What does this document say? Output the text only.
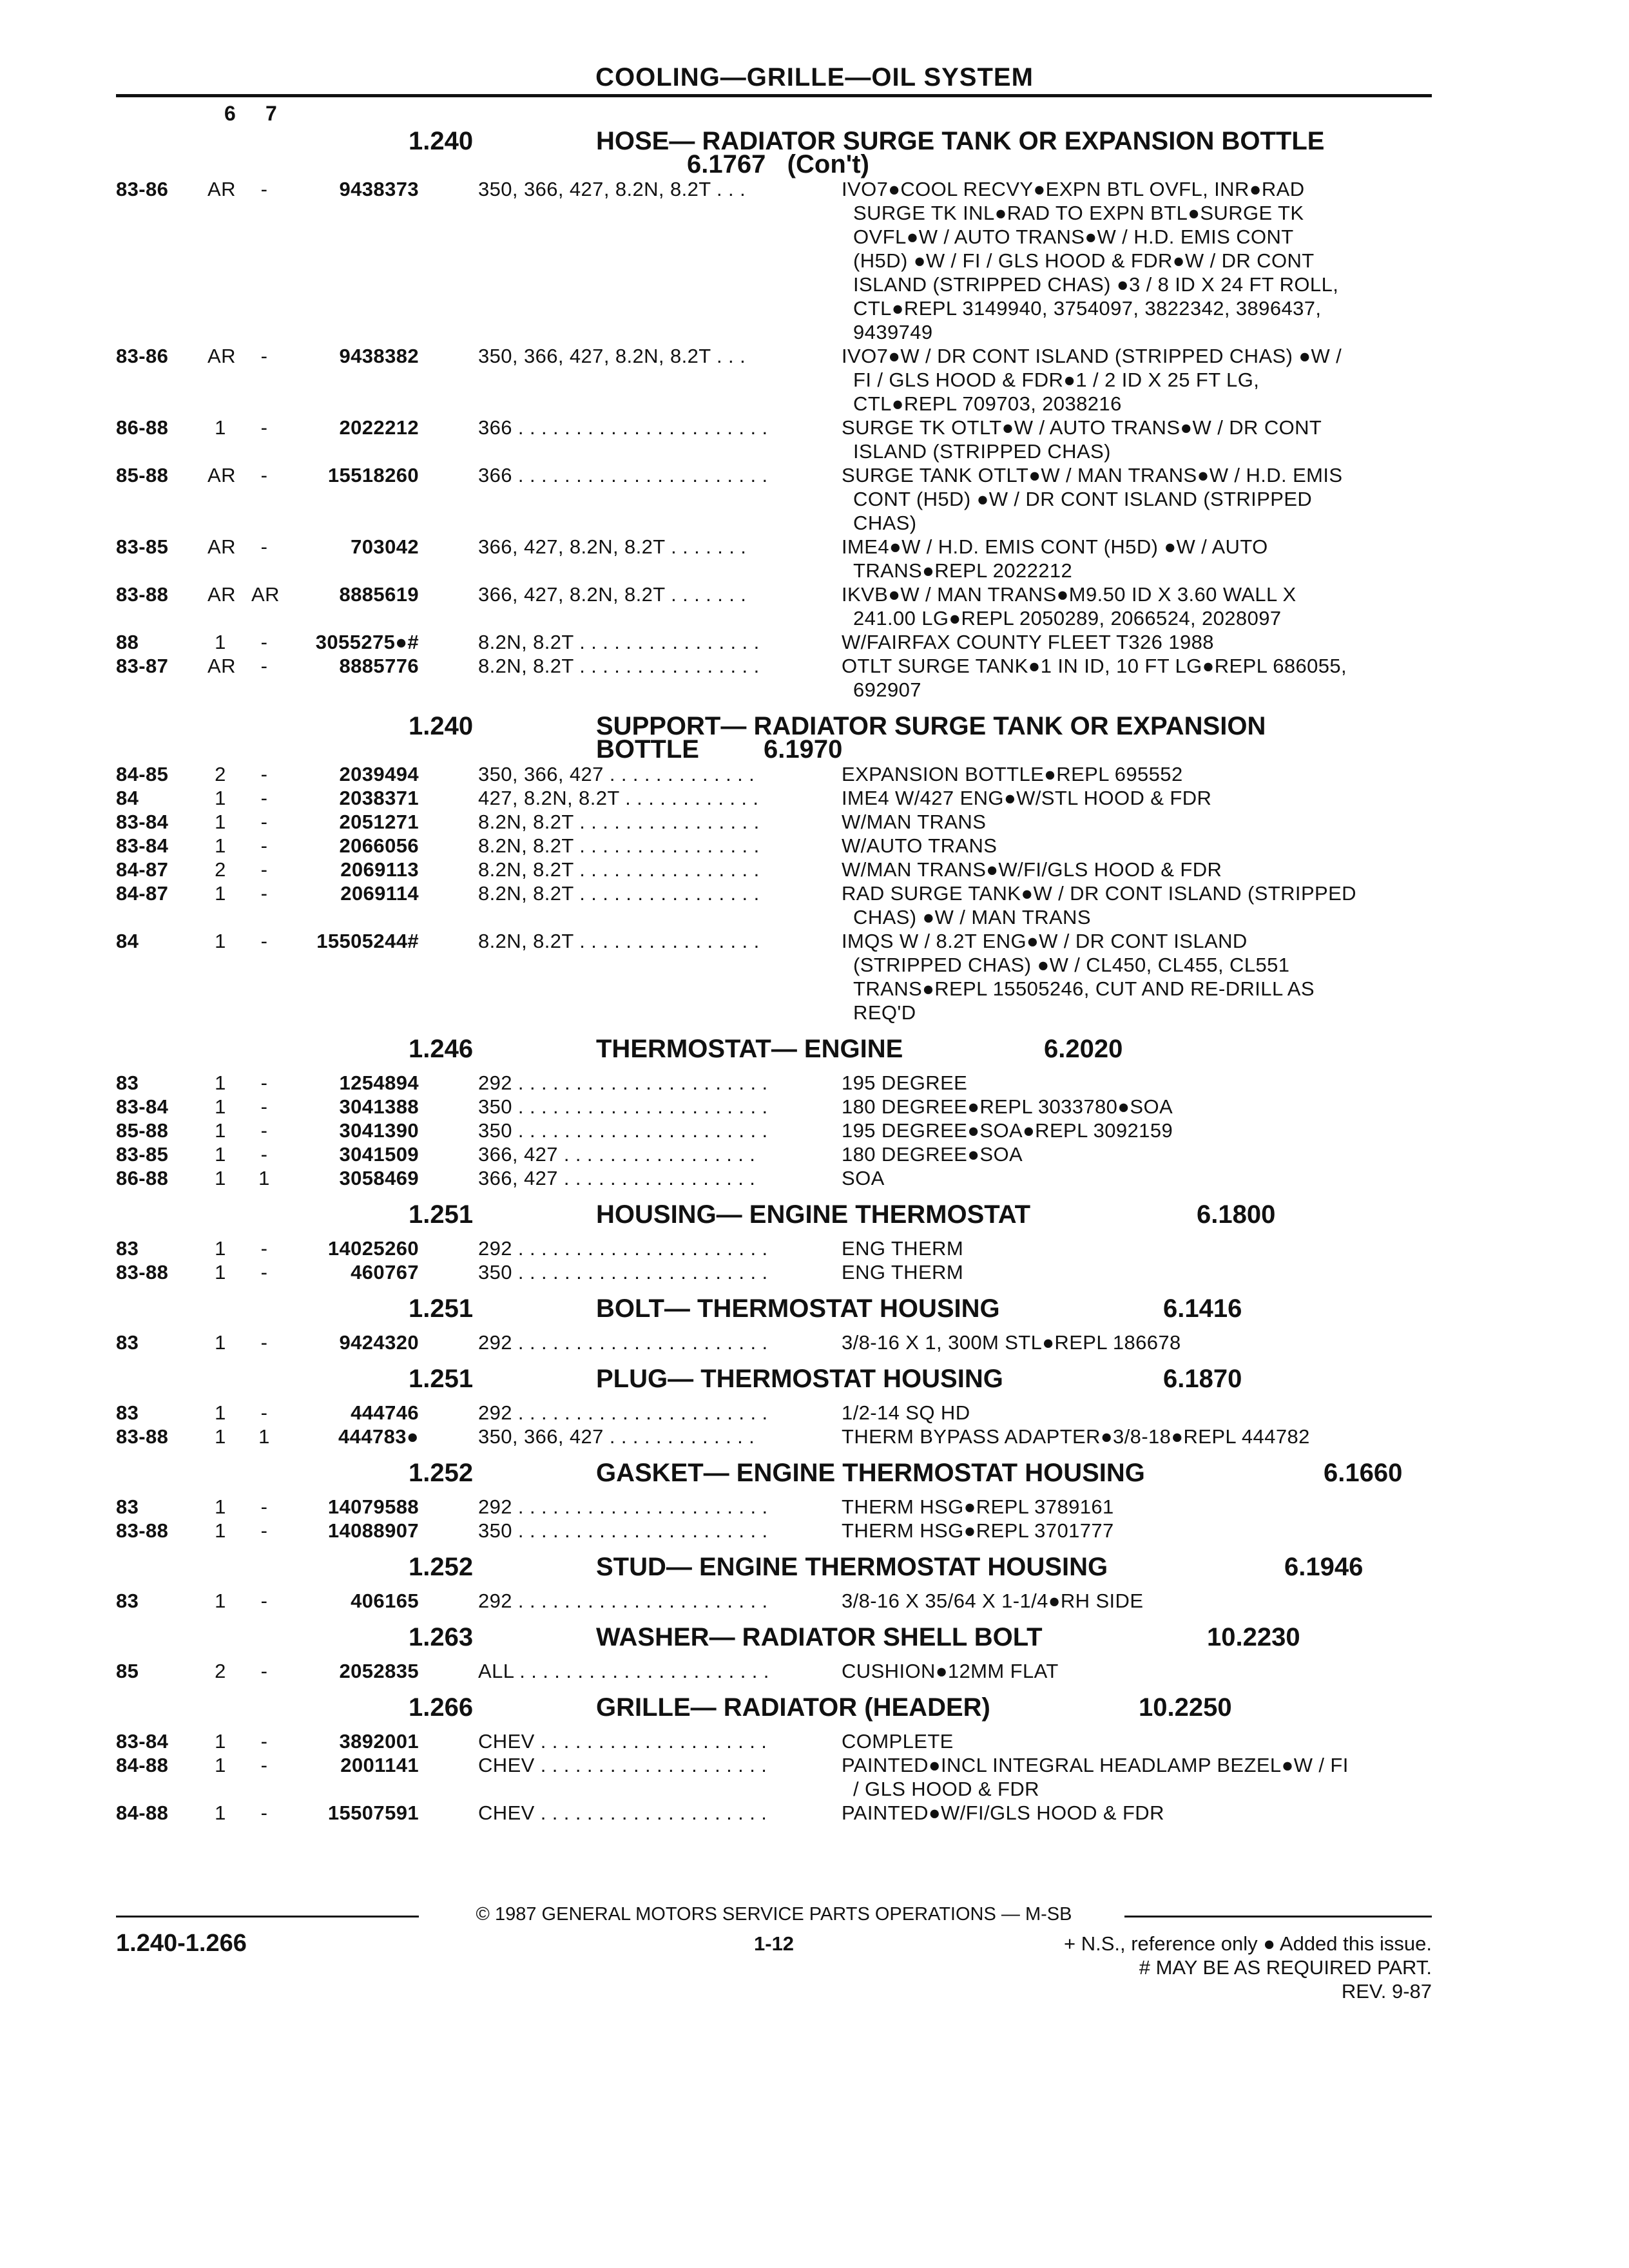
COOLING—GRILLE—OIL SYSTEM
6 7
1.240	HOSE— RADIATOR SURGE TANK OR EXPANSION BOTTLE
6.1767   (Con't)
83-86 AR	-	9438373	350, 366, 427, 8.2N, 8.2T . . .	IVO7●COOL RECVY●EXPN BTL OVFL, INR●RAD
SURGE TK INL●RAD TO EXPN BTL●SURGE TK
OVFL●W / AUTO TRANS●W / H.D. EMIS CONT
(H5D) ●W / FI / GLS HOOD & FDR●W / DR CONT
ISLAND (STRIPPED CHAS) ●3 / 8 ID X 24 FT ROLL,
CTL●REPL 3149940, 3754097, 3822342, 3896437,
9439749
83-86 AR	-	9438382	350, 366, 427, 8.2N, 8.2T . . .	IVO7●W / DR CONT ISLAND (STRIPPED CHAS) ●W /
FI / GLS HOOD & FDR●1 / 2 ID X 25 FT LG,
CTL●REPL 709703, 2038216
86-88	1	-	2022212	366 . . . . . . . . . . . . . . . . . . . . . .	SURGE TK OTLT●W / AUTO TRANS●W / DR CONT
ISLAND (STRIPPED CHAS)
85-88 AR	-	15518260	366 . . . . . . . . . . . . . . . . . . . . . .	SURGE TANK OTLT●W / MAN TRANS●W / H.D. EMIS
CONT (H5D) ●W / DR CONT ISLAND (STRIPPED
CHAS)
83-85 AR	-	703042	366, 427, 8.2N, 8.2T . . . . . . .	IME4●W / H.D. EMIS CONT (H5D) ●W / AUTO
TRANS●REPL 2022212
83-88 AR AR	8885619	366, 427, 8.2N, 8.2T . . . . . . .	IKVB●W / MAN TRANS●M9.50 ID X 3.60 WALL X
241.00 LG●REPL 2050289, 2066524, 2028097
88	1	-	3055275●#	8.2N, 8.2T . . . . . . . . . . . . . . . .	W/FAIRFAX COUNTY FLEET T326 1988
83-87 AR	-	8885776	8.2N, 8.2T . . . . . . . . . . . . . . . .	OTLT SURGE TANK●1 IN ID, 10 FT LG●REPL 686055,
692907
1.240	SUPPORT— RADIATOR SURGE TANK OR EXPANSION
BOTTLE         6.1970
84-85	2	-	2039494	350, 366, 427 . . . . . . . . . . . . .	EXPANSION BOTTLE●REPL 695552
84	1	-	2038371	427, 8.2N, 8.2T . . . . . . . . . . . .	IME4 W/427 ENG●W/STL HOOD & FDR
83-84	1	-	2051271	8.2N, 8.2T . . . . . . . . . . . . . . . .	W/MAN TRANS
83-84	1	-	2066056	8.2N, 8.2T . . . . . . . . . . . . . . . .	W/AUTO TRANS
84-87	2	-	2069113	8.2N, 8.2T . . . . . . . . . . . . . . . .	W/MAN TRANS●W/FI/GLS HOOD & FDR
84-87	1	-	2069114	8.2N, 8.2T . . . . . . . . . . . . . . . .	RAD SURGE TANK●W / DR CONT ISLAND (STRIPPED
CHAS) ●W / MAN TRANS
84	1	-	15505244#	8.2N, 8.2T . . . . . . . . . . . . . . . .	IMQS W / 8.2T ENG●W / DR CONT ISLAND
(STRIPPED CHAS) ●W / CL450, CL455, CL551
TRANS●REPL 15505246, CUT AND RE-DRILL AS
REQ'D
1.246	THERMOSTAT— ENGINE	6.2020
83	1	-	1254894	292 . . . . . . . . . . . . . . . . . . . . . .	195 DEGREE
83-84	1	-	3041388	350 . . . . . . . . . . . . . . . . . . . . . .	180 DEGREE●REPL 3033780●SOA
85-88	1	-	3041390	350 . . . . . . . . . . . . . . . . . . . . . .	195 DEGREE●SOA●REPL 3092159
83-85	1	-	3041509	366, 427 . . . . . . . . . . . . . . . . .	180 DEGREE●SOA
86-88	1	1	3058469	366, 427 . . . . . . . . . . . . . . . . .	SOA
1.251	HOUSING— ENGINE THERMOSTAT	6.1800
83	1	-	14025260	292 . . . . . . . . . . . . . . . . . . . . . .	ENG THERM
83-88	1	-	460767	350 . . . . . . . . . . . . . . . . . . . . . .	ENG THERM
1.251	BOLT— THERMOSTAT HOUSING	6.1416
83	1	-	9424320	292 . . . . . . . . . . . . . . . . . . . . . .	3/8-16 X 1, 300M STL●REPL 186678
1.251	PLUG— THERMOSTAT HOUSING	6.1870
83	1	-	444746	292 . . . . . . . . . . . . . . . . . . . . . .	1/2-14 SQ HD
83-88	1	1	444783●	350, 366, 427 . . . . . . . . . . . . .	THERM BYPASS ADAPTER●3/8-18●REPL 444782
1.252	GASKET— ENGINE THERMOSTAT HOUSING	6.1660
83	1	-	14079588	292 . . . . . . . . . . . . . . . . . . . . . .	THERM HSG●REPL 3789161
83-88	1	-	14088907	350 . . . . . . . . . . . . . . . . . . . . . .	THERM HSG●REPL 3701777
1.252	STUD— ENGINE THERMOSTAT HOUSING	6.1946
83	1	-	406165	292 . . . . . . . . . . . . . . . . . . . . . .	3/8-16 X 35/64 X 1-1/4●RH SIDE
1.263	WASHER— RADIATOR SHELL BOLT	10.2230
85	2	-	2052835	ALL . . . . . . . . . . . . . . . . . . . . . .	CUSHION●12MM FLAT
1.266	GRILLE— RADIATOR (HEADER)	10.2250
83-84	1	-	3892001	CHEV . . . . . . . . . . . . . . . . . . . .	COMPLETE
84-88	1	-	2001141	CHEV . . . . . . . . . . . . . . . . . . . .	PAINTED●INCL INTEGRAL HEADLAMP BEZEL●W / FI
/ GLS HOOD & FDR
84-88	1	-	15507591	CHEV . . . . . . . . . . . . . . . . . . . .	PAINTED●W/FI/GLS HOOD & FDR
© 1987 GENERAL MOTORS SERVICE PARTS OPERATIONS — M-SB
1.240-1.266	1-12	+ N.S., reference only ● Added this issue.
# MAY BE AS REQUIRED PART.
REV. 9-87
